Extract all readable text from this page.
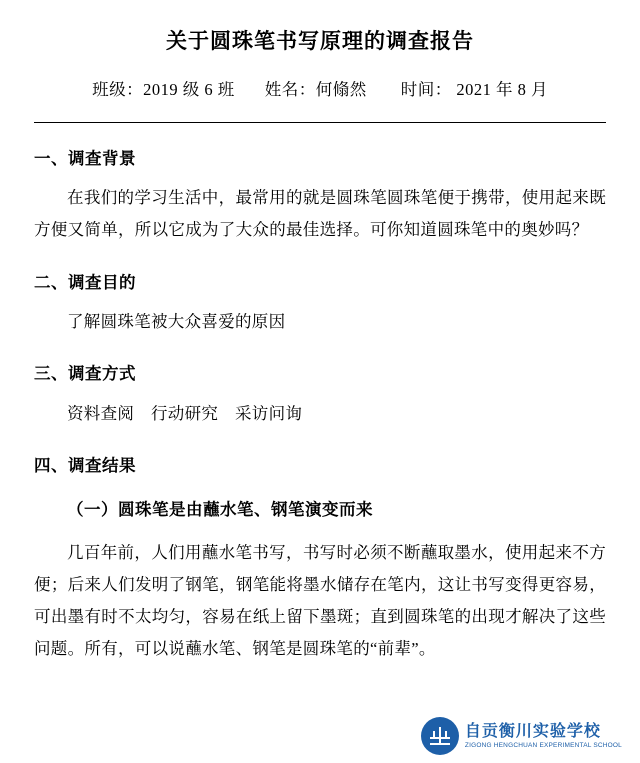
关于圆珠笔书写原理的调查报告
班级：2019 级 6 班 姓名：何翛然 时间： 2021 年 8 月
一、调查背景

在我们的学习生活中，最常用的就是圆珠笔圆珠笔便于携带，使用起来既方便又简单，所以它成为了大众的最佳选择。可你知道圆珠笔中的奥妙吗？

二、调查目的

了解圆珠笔被大众喜爱的原因

三、调查方式

资料查阅　行动研究　采访问询

四、调查结果
（一）圆珠笔是由蘸水笔、钢笔演变而来

几百年前，人们用蘸水笔书写，书写时必须不断蘸取墨水，使用起来不方便；后来人们发明了钢笔，钢笔能将墨水储存在笔内，这让书写变得更容易，可出墨有时不太均匀，容易在纸上留下墨斑；直到圆珠笔的出现才解决了这些问题。所有，可以说蘸水笔、钢笔是圆珠笔的“前辈”。

自贡衡川实验学校
ZIGONG HENGCHUAN EXPERIMENTAL SCHOOL
